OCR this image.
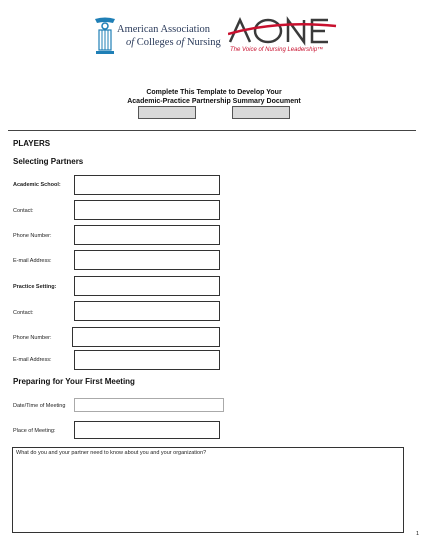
American Association
of Colleges of Nursing
The Voice of Nursing Leadership™
Complete This Template to Develop Your
Academic-Practice Partnership Summary Document
PLAYERS
Selecting Partners
Academic School:
Contact:
Phone Number:
E-mail Address:
Practice Setting:
Contact:
Phone Number:
E-mail Address:
Preparing for Your First Meeting
Date/Time of Meeting
Place of Meeting:
What do you and your partner need to know about you and your organization?
1
